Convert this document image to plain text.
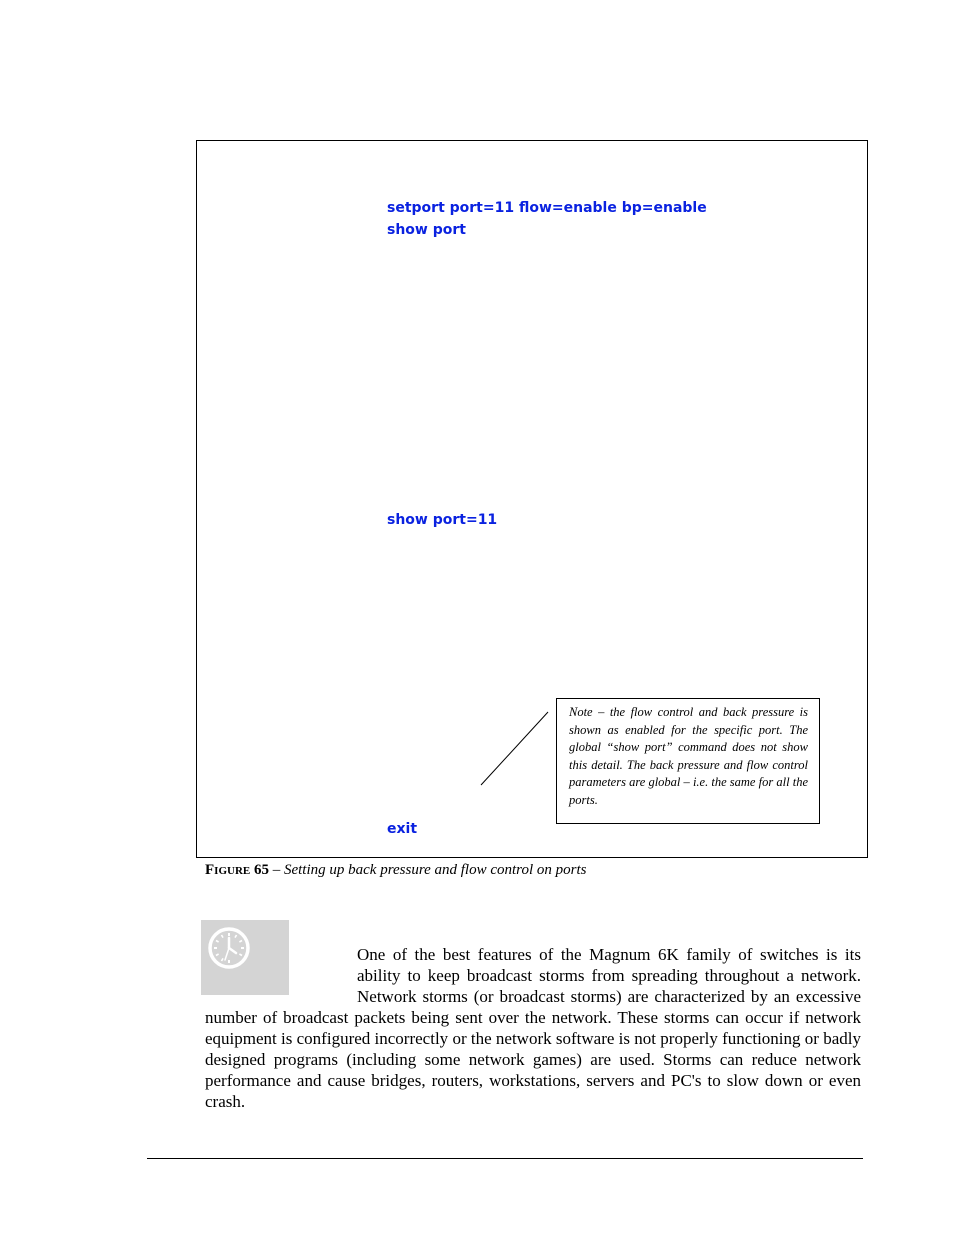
setport port=11 flow=enable bp=enable
show port
show port=11
exit
Note – the flow control and back pressure is shown as enabled for the specific port. The global “show port” command does not show this detail. The back pressure and flow control parameters are global – i.e. the same for all the ports.
Figure 65 – Setting up back pressure and flow control on ports
One of the best features of the Magnum 6K family of switches is its ability to keep broadcast storms from spreading throughout a network. Network storms (or broadcast storms) are characterized by an excessive number of broadcast packets being sent over the network. These storms can occur if network equipment is configured incorrectly or the network software is not properly functioning or badly designed programs (including some network games) are used. Storms can reduce network performance and cause bridges, routers, workstations, servers and PC's to slow down or even crash.
